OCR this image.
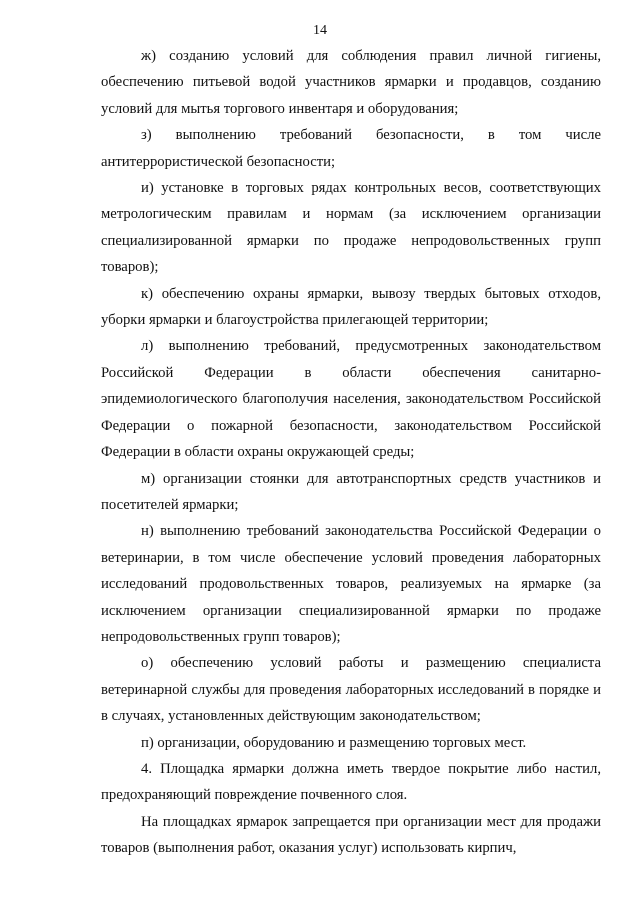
14

ж) созданию условий для соблюдения правил личной гигиены, обеспечению питьевой водой участников ярмарки и продавцов, созданию условий для мытья торгового инвентаря и оборудования;

з) выполнению требований безопасности, в том числе антитеррористической безопасности;

и) установке в торговых рядах контрольных весов, соответствующих метрологическим правилам и нормам (за исключением организации специализированной ярмарки по продаже непродовольственных групп товаров);

к) обеспечению охраны ярмарки, вывозу твердых бытовых отходов, уборки ярмарки и благоустройства прилегающей территории;

л) выполнению требований, предусмотренных законодательством Российской Федерации в области обеспечения санитарно-эпидемиологического благополучия населения, законодательством Российской Федерации о пожарной безопасности, законодательством Российской Федерации в области охраны окружающей среды;

м) организации стоянки для автотранспортных средств участников и посетителей ярмарки;

н) выполнению требований законодательства Российской Федерации о ветеринарии, в том числе обеспечение условий проведения лабораторных исследований продовольственных товаров, реализуемых на ярмарке (за исключением организации специализированной ярмарки по продаже непродовольственных групп товаров);

о) обеспечению условий работы и размещению специалиста ветеринарной службы для проведения лабораторных исследований в порядке и в случаях, установленных действующим законодательством;

п) организации, оборудованию и размещению торговых мест.

4. Площадка ярмарки должна иметь твердое покрытие либо настил, предохраняющий повреждение почвенного слоя.

На площадках ярмарок запрещается при организации мест для продажи товаров (выполнения работ, оказания услуг) использовать кирпич,
